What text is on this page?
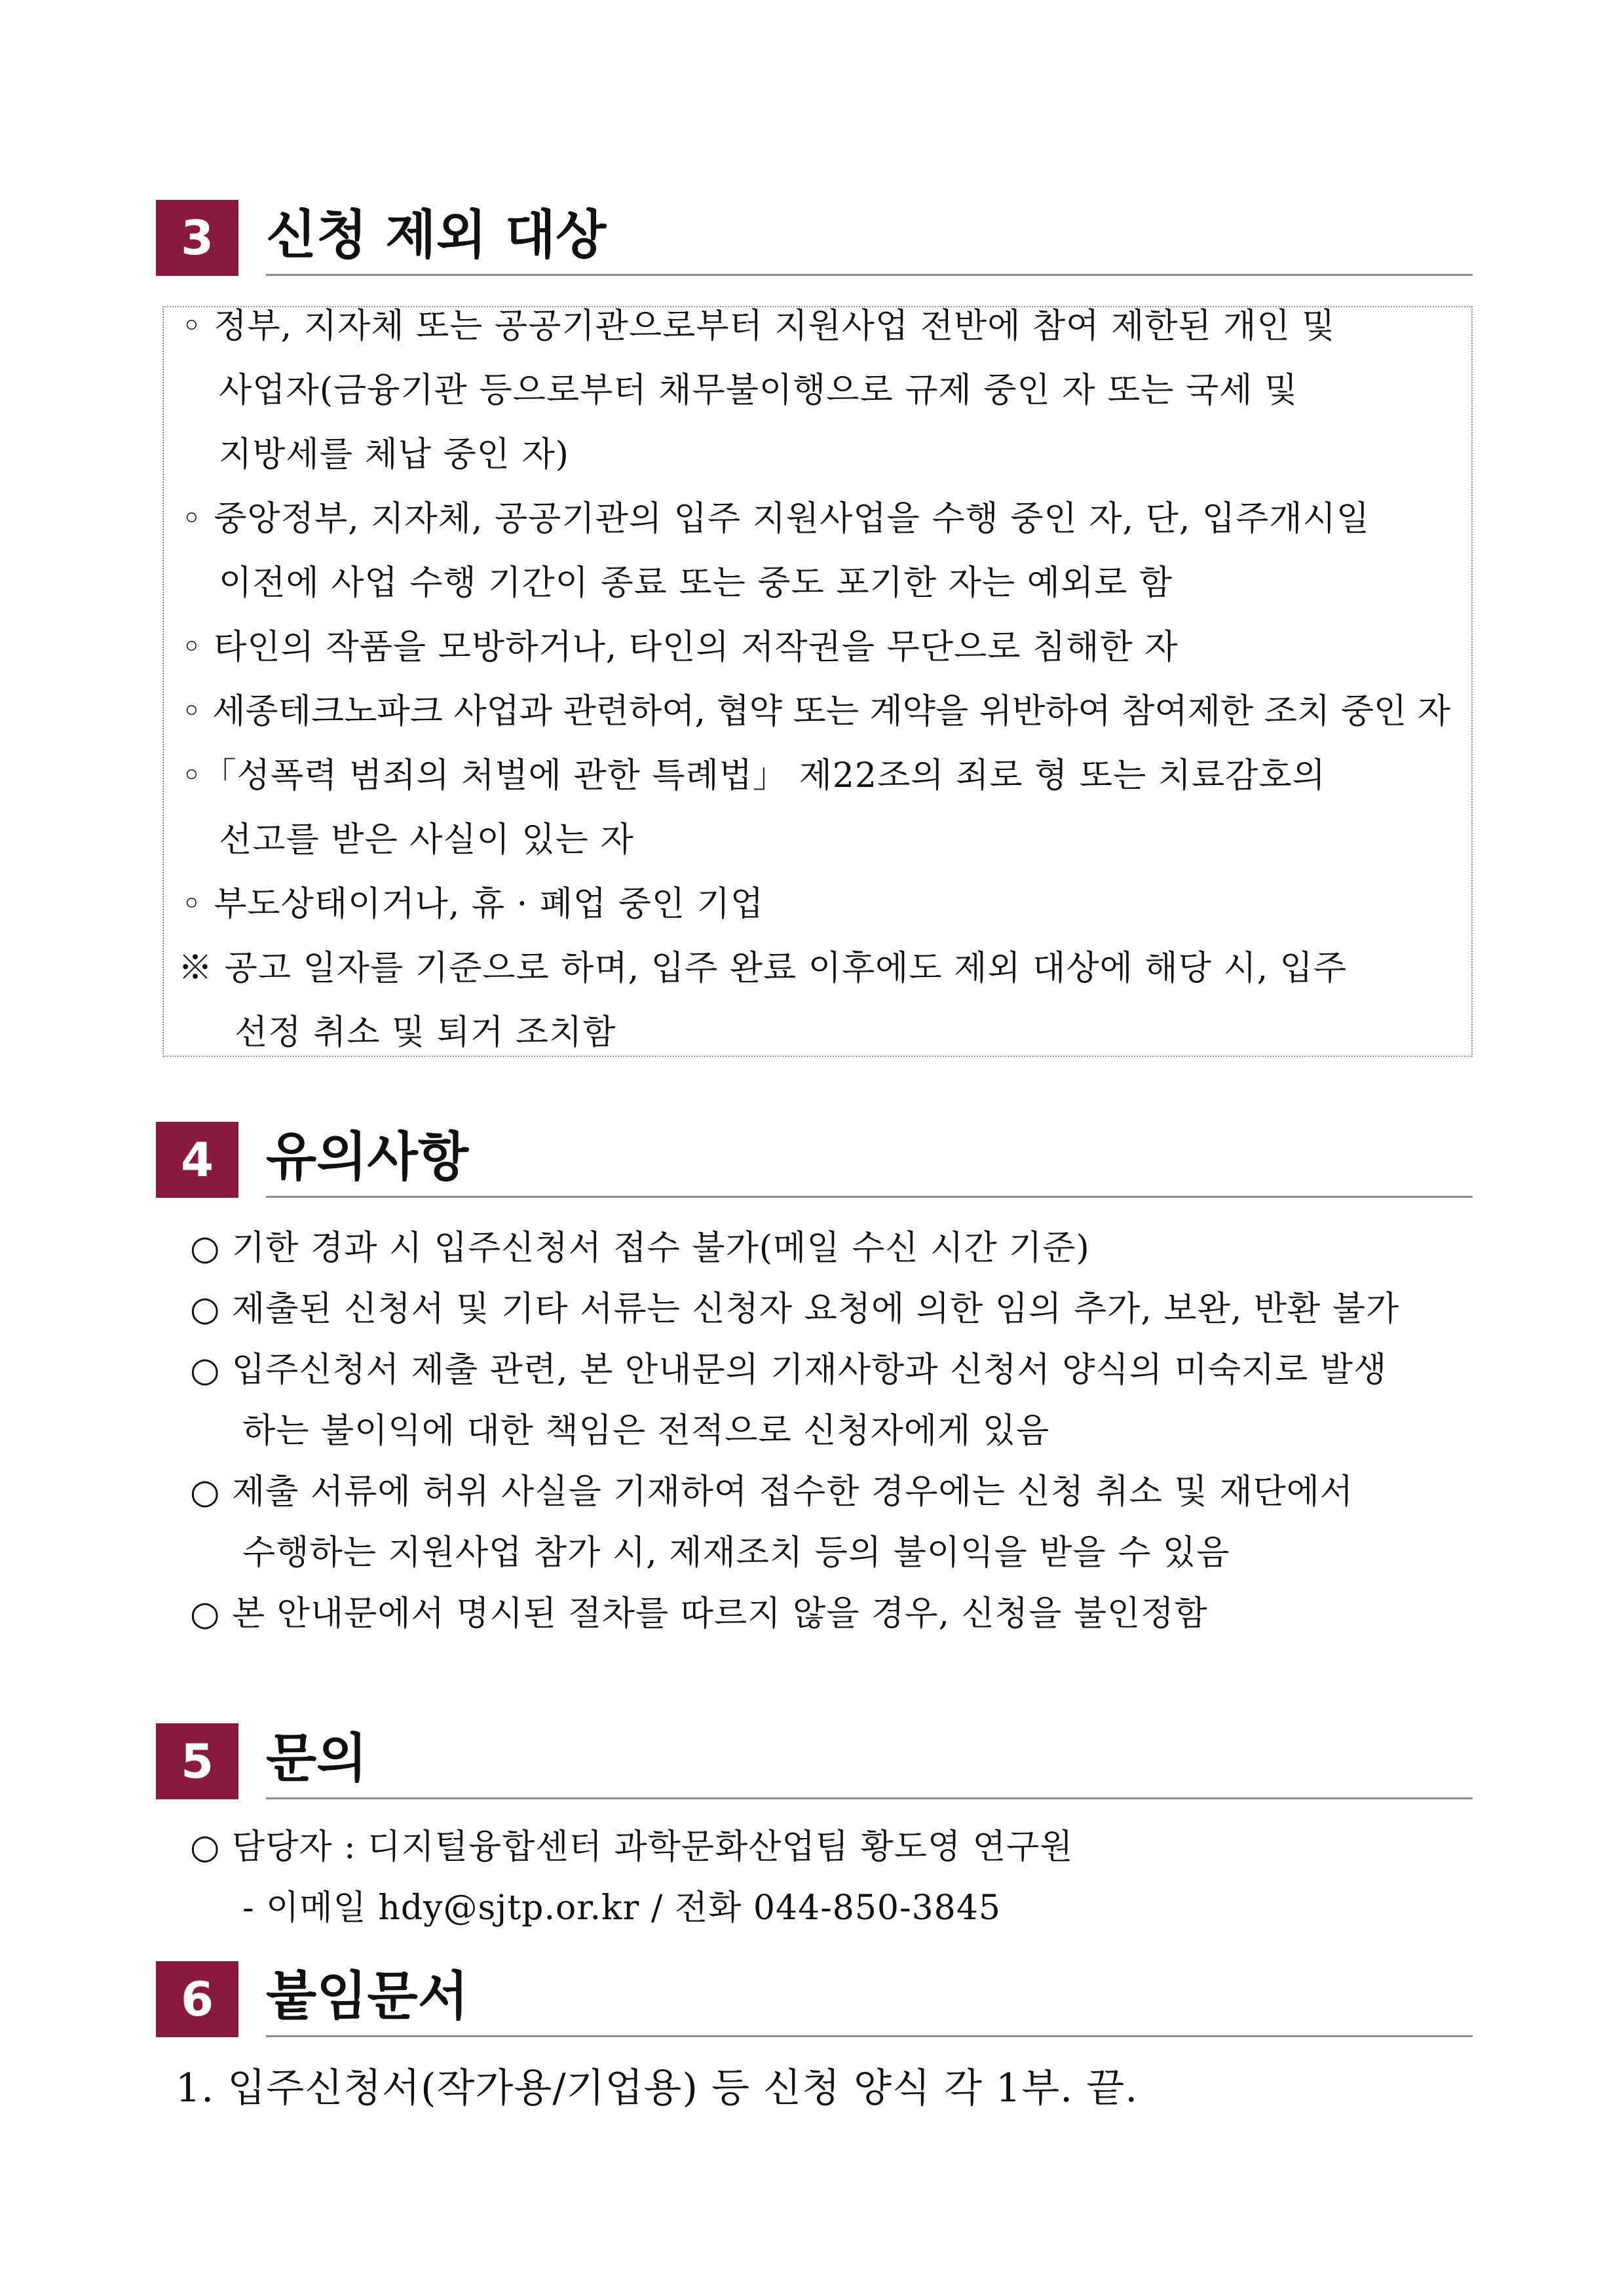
3 신청 제외 대상
◦ 정부, 지자체 또는 공공기관으로부터 지원사업 전반에 참여 제한된 개인 및
사업자(금융기관 등으로부터 채무불이행으로 규제 중인 자 또는 국세 및
지방세를 체납 중인 자)
◦ 중앙정부, 지자체, 공공기관의 입주 지원사업을 수행 중인 자, 단, 입주개시일
이전에 사업 수행 기간이 종료 또는 중도 포기한 자는 예외로 함
◦ 타인의 작품을 모방하거나, 타인의 저작권을 무단으로 침해한 자
◦ 세종테크노파크 사업과 관련하여, 협약 또는 계약을 위반하여 참여제한 조치 중인 자
◦「성폭력 범죄의 처벌에 관한 특례법」 제22조의 죄로 형 또는 치료감호의
선고를 받은 사실이 있는 자
◦ 부도상태이거나, 휴 · 폐업 중인 기업
※ 공고 일자를 기준으로 하며, 입주 완료 이후에도 제외 대상에 해당 시, 입주
선정 취소 및 퇴거 조치함
4 유의사항
○ 기한 경과 시 입주신청서 접수 불가(메일 수신 시간 기준)
○ 제출된 신청서 및 기타 서류는 신청자 요청에 의한 임의 추가, 보완, 반환 불가
○ 입주신청서 제출 관련, 본 안내문의 기재사항과 신청서 양식의 미숙지로 발생
하는 불이익에 대한 책임은 전적으로 신청자에게 있음
○ 제출 서류에 허위 사실을 기재하여 접수한 경우에는 신청 취소 및 재단에서
수행하는 지원사업 참가 시, 제재조치 등의 불이익을 받을 수 있음
○ 본 안내문에서 명시된 절차를 따르지 않을 경우, 신청을 불인정함
5 문의
○ 담당자 : 디지털융합센터 과학문화산업팀 황도영 연구원
- 이메일 hdy@sjtp.or.kr / 전화 044-850-3845
6 붙임문서
1. 입주신청서(작가용/기업용) 등 신청 양식 각 1부. 끝.
